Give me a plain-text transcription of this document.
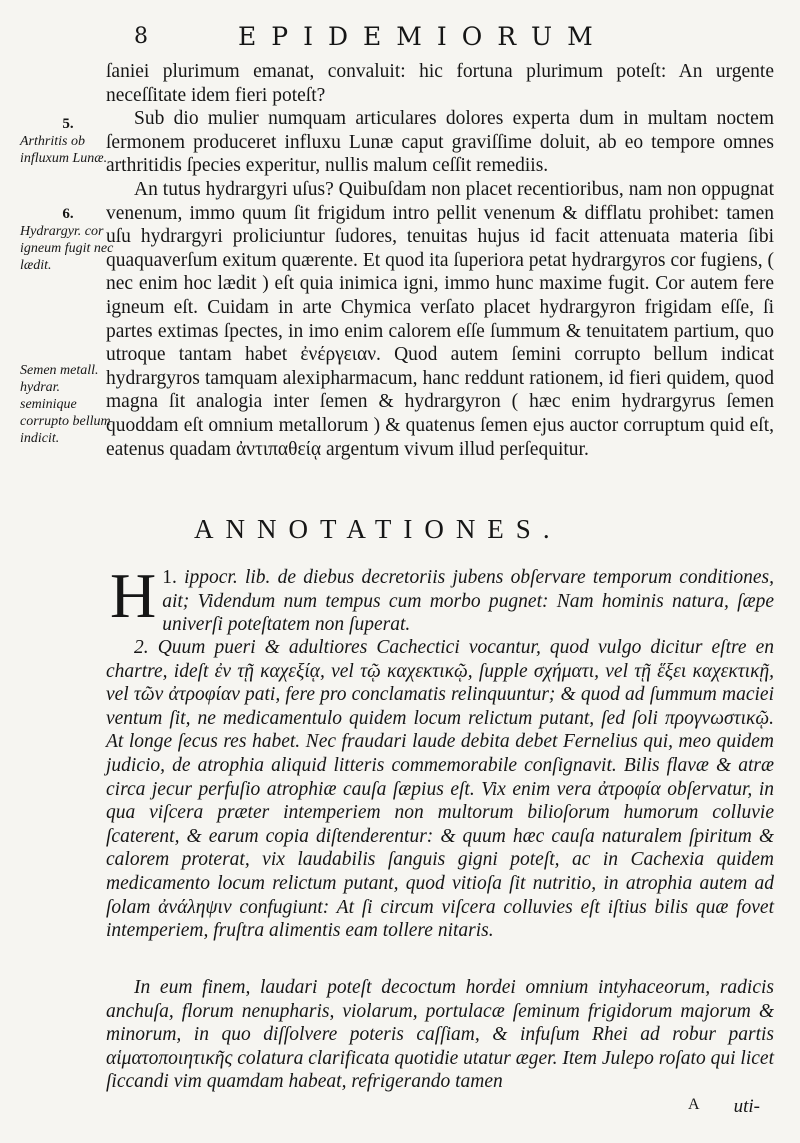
8	EPIDEMIORUM
5.
Arthritis ob influxum Lunæ.
6.
Hydrargyr. cor igneum fugit nec lædit.
Semen metall. hydrar. seminique corrupto bellum indicit.

ſaniei plurimum emanat, convaluit: hic fortuna plurimum poteſt: An urgente neceſſitate idem fieri poteſt?

Sub dio mulier numquam articulares dolores experta dum in multam noctem ſermonem produceret influxu Lunæ caput graviſſime doluit, ab eo tempore omnes arthritidis ſpecies experitur, nullis malum ceſſit remediis.

An tutus hydrargyri uſus? Quibuſdam non placet recentioribus, nam non oppugnat venenum, immo quum ſit frigidum intro pellit venenum & difflatu prohibet: tamen uſu hydrargyri proliciuntur ſudores, tenuitas hujus id facit attenuata materia ſibi quaquaverſum exitum quærente. Et quod ita ſuperiora petat hydrargyros cor fugiens, ( nec enim hoc lædit ) eſt quia inimica igni, immo hunc maxime fugit. Cor autem fere igneum eſt. Cuidam in arte Chymica verſato placet hydrargyron frigidam eſſe, ſi partes extimas ſpectes, in imo enim calorem eſſe ſummum & tenuitatem partium, quo utroque tantam habet ἐνέργειαν. Quod autem ſemini corrupto bellum indicat hydrargyros tamquam alexipharmacum, hanc reddunt rationem, id fieri quidem, quod magna ſit analogia inter ſemen & hydrargyron ( hæc enim hydrargyrus ſemen quoddam eſt omnium metallorum ) & quatenus ſemen ejus auctor corruptum quid eſt, eatenus quadam ἀντιπαθείᾳ argentum vivum illud perſequitur.

ANNOTATIONES.

1.
H ippocr. lib. de diebus decretoriis jubens obſervare temporum conditiones, ait; Videndum num tempus cum morbo pugnet: Nam hominis natura, ſæpe univerſi poteſtatem non ſuperat.

2. Quum pueri & adultiores Cachectici vocantur, quod vulgo dicitur eſtre en chartre, ideſt ἐν τῇ καχεξίᾳ, vel τῷ καχεκτικῷ, ſupple σχήματι, vel τῇ ἕξει καχεκτικῇ, vel τῶν ἀτροφίαν pati, fere pro conclamatis relinquuntur; & quod ad ſummum maciei ventum ſit, ne medicamentulo quidem locum relictum putant, ſed ſoli προγνωστικῷ. At longe ſecus res habet. Nec fraudari laude debita debet Fernelius qui, meo quidem judicio, de atrophia aliquid litteris commemorabile conſignavit. Bilis flavæ & atræ circa jecur perfuſio atrophiæ cauſa ſæpius eſt. Vix enim vera ἀτροφία obſervatur, in qua viſcera præter intemperiem non multorum bilioſorum humorum colluvie ſcaterent, & earum copia diſtenderentur: & quum hæc cauſa naturalem ſpiritum & calorem proterat, vix laudabilis ſanguis gigni poteſt, ac in Cachexia quidem medicamento locum relictum putant, quod vitioſa ſit nutritio, in atrophia autem ad ſolam ἀνάληψιν confugiunt: At ſi circum viſcera colluvies eſt iſtius bilis quæ fovet intemperiem, fruſtra alimentis eam tollere nitaris.

In eum finem, laudari poteſt decoctum hordei omnium intyhaceorum, radicis anchuſa, florum nenupharis, violarum, portulacæ ſeminum frigidorum majorum & minorum, in quo diſſolvere poteris caſſiam, & infuſum Rhei ad robur partis αἱματοποιητικῆς colatura clarificata quotidie utatur æger. Item Julepo roſato qui licet ſiccandi vim quamdam habeat, refrigerando tamen

A uti-
